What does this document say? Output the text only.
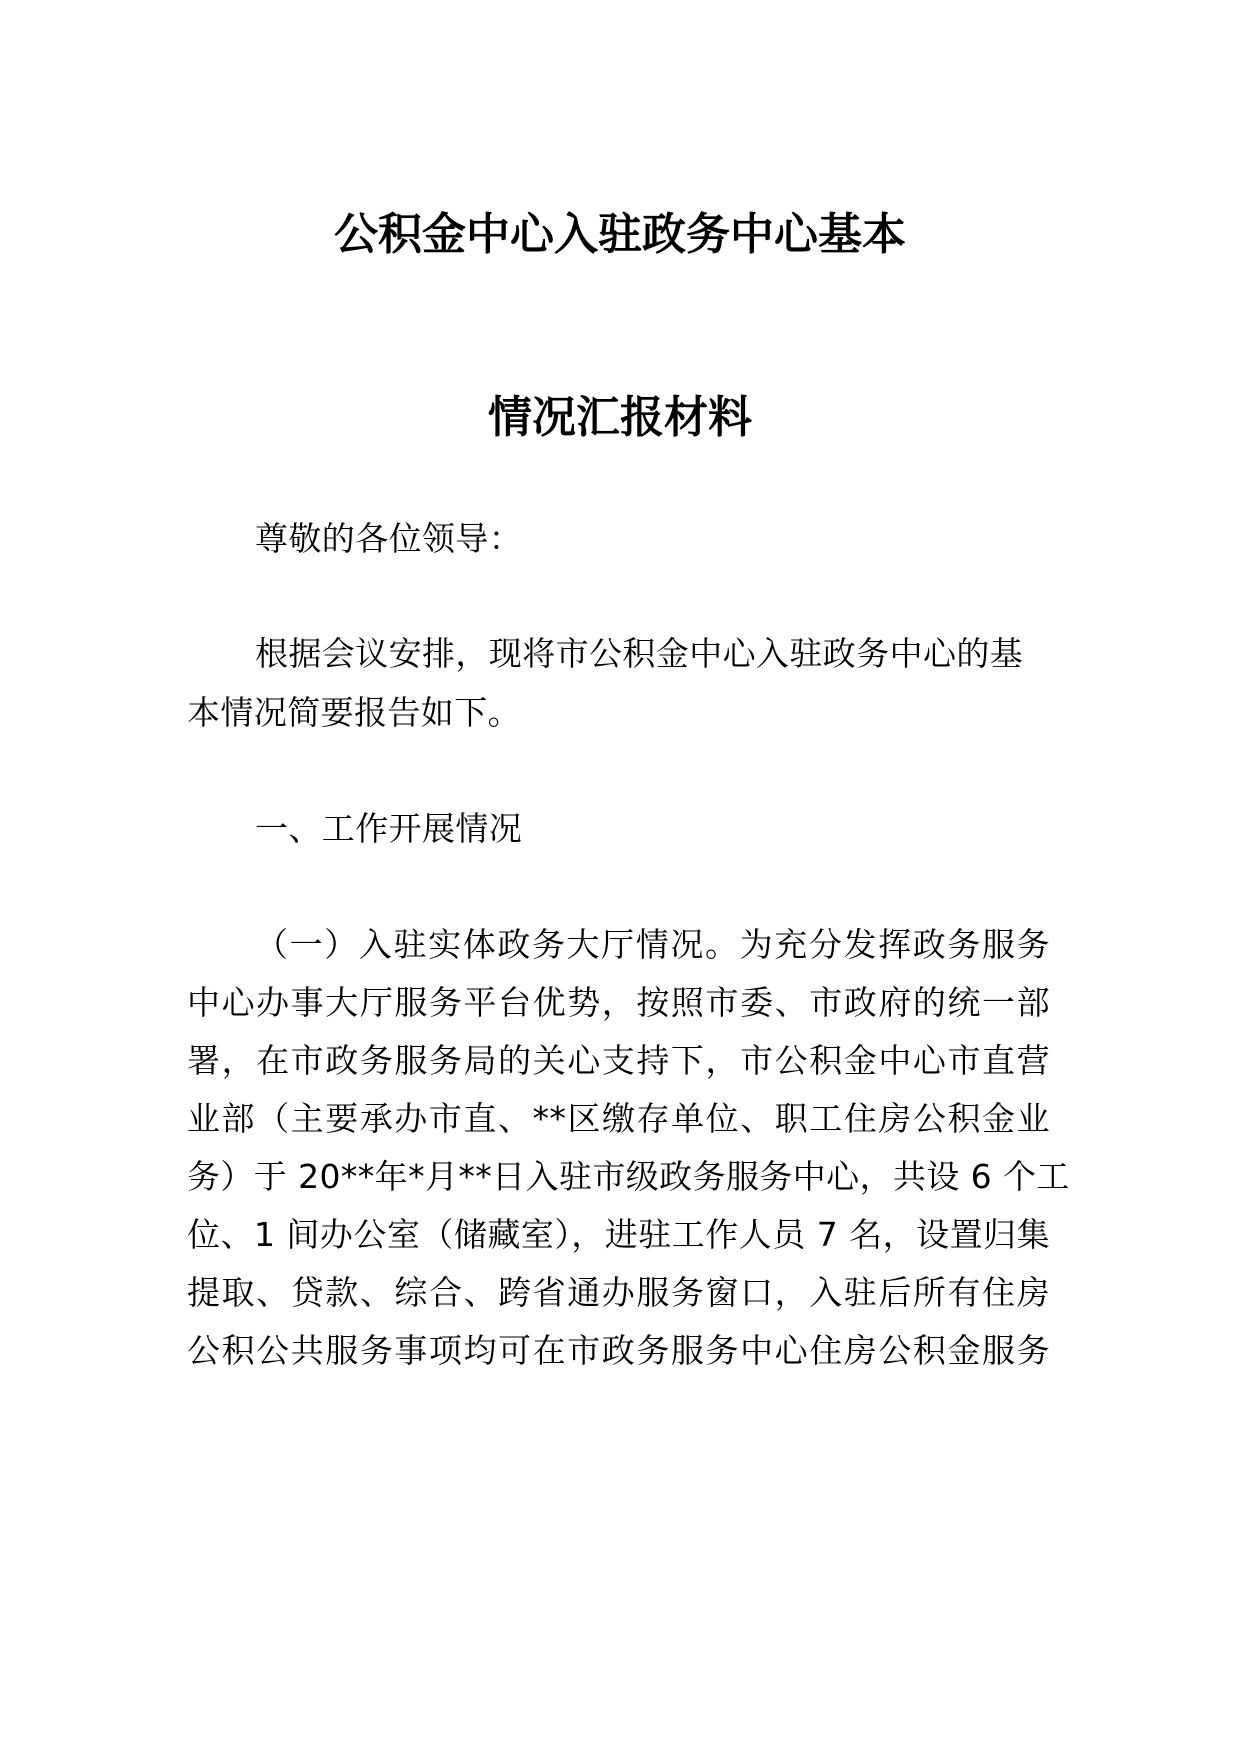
公积金中心入驻政务中心基本
情况汇报材料
尊敬的各位领导：
根据会议安排，现将市公积金中心入驻政务中心的基
本情况简要报告如下。
一、工作开展情况
（一）入驻实体政务大厅情况。为充分发挥政务服务
中心办事大厅服务平台优势，按照市委、市政府的统一部
署，在市政务服务局的关心支持下，市公积金中心市直营
业部（主要承办市直、**区缴存单位、职工住房公积金业
务）于 20**年*月**日入驻市级政务服务中心，共设 6 个工
位、1 间办公室（储藏室），进驻工作人员 7 名，设置归集
提取、贷款、综合、跨省通办服务窗口，入驻后所有住房
公积公共服务事项均可在市政务服务中心住房公积金服务
